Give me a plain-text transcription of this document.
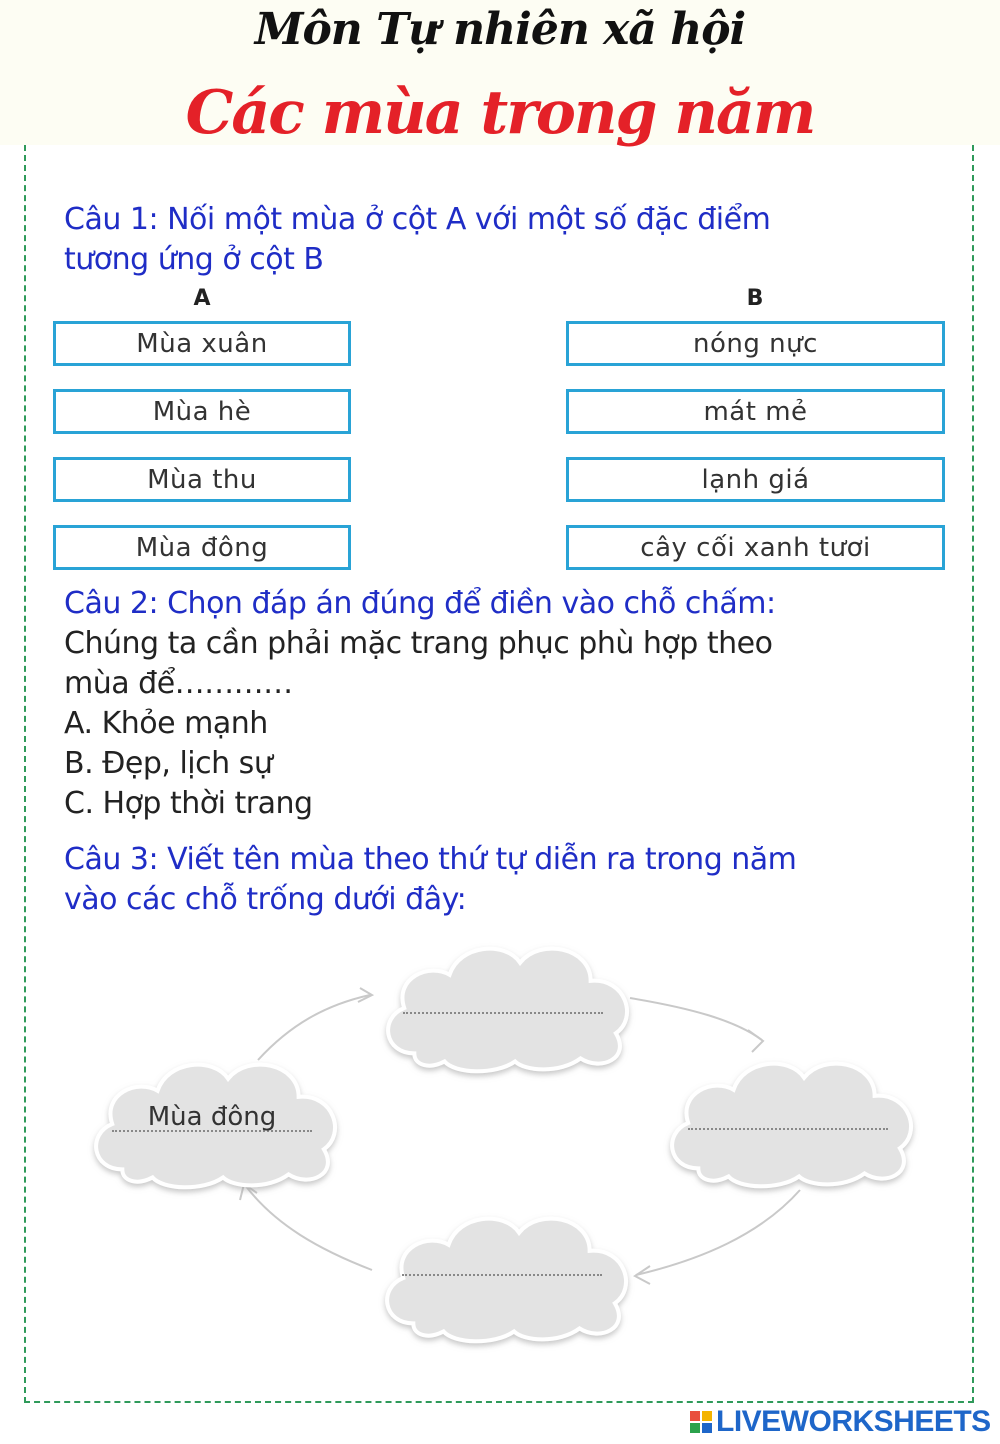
Môn Tự nhiên xã hội
Các mùa trong năm
Câu 1: Nối một mùa ở cột A với một số đặc điểm
tương ứng ở cột B
A	B
Mùa xuân
Mùa hè
Mùa thu
Mùa đông
nóng nực
mát mẻ
lạnh giá
cây cối xanh tươi
Câu 2: Chọn đáp án đúng để điền vào chỗ chấm:
Chúng ta cần phải mặc trang phục phù hợp theo
mùa để…………
A. Khỏe mạnh
B. Đẹp, lịch sự
C. Hợp thời trang
Câu 3: Viết tên mùa theo thứ tự diễn ra trong năm
vào các chỗ trống dưới đây:
Mùa đông
LIVEWORKSHEETS
